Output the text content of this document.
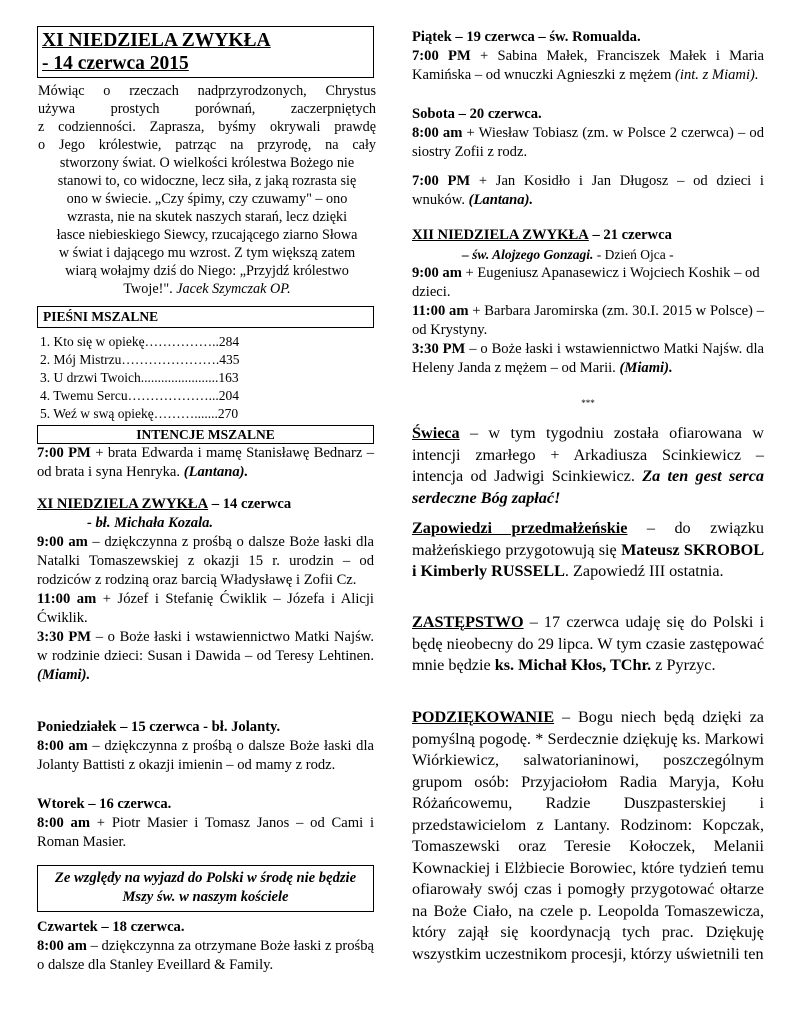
XI NIEDZIELA ZWYKŁA
- 14 czerwca 2015
Mówiąc o rzeczach nadprzyrodzonych, Chrystus
używa prostych porównań, zaczerpniętych
z codzienności. Zaprasza, byśmy okrywali prawdę
o Jego królestwie, patrząc na przyrodę, na cały
stworzony świat. O wielkości królestwa Bożego nie
stanowi to, co widoczne, lecz siła, z jaką rozrasta się
ono w świecie. „Czy śpimy, czy czuwamy" – ono
wzrasta, nie na skutek naszych starań, lecz dzięki
łasce niebieskiego Siewcy, rzucającego ziarno Słowa
w świat i dającego mu wzrost. Z tym większą zatem
wiarą wołajmy dziś do Niego: „Przyjdź królestwo
Twoje!". Jacek Szymczak OP.
PIEŚNI MSZALNE
1. Kto się w opiekę……………..284
2. Mój Mistrzu………………….435
3. U drzwi Twoich.......................163
4. Twemu Sercu………………...204
5. Weź w swą opiekę……….......270
INTENCJE MSZALNE
7:00 PM + brata Edwarda i mamę Stanisławę Bednarz – od brata i syna Henryka. (Lantana).
XI NIEDZIELA ZWYKŁA – 14 czerwca
- bł. Michała Kozala.
9:00 am – dziękczynna z prośbą o dalsze Boże łaski dla Natalki Tomaszewskiej z okazji 15 r. urodzin – od rodziców z rodziną oraz barcią Władysławę i Zofii Cz.
11:00 am + Józef i Stefanię Ćwiklik – Józefa i Alicji Ćwiklik.
3:30 PM – o Boże łaski i wstawiennictwo Matki Najśw. w rodzinie dzieci: Susan i Dawida – od Teresy Lehtinen. (Miami).
Poniedziałek – 15 czerwca - bł. Jolanty.
8:00 am – dziękczynna z prośbą o dalsze Boże łaski dla Jolanty Battisti z okazji imienin – od mamy z rodz.
Wtorek – 16 czerwca.
8:00 am + Piotr Masier i Tomasz Janos – od Cami i Roman Masier.
Ze względy na wyjazd do Polski w środę nie będzie Mszy św. w naszym kościele
Czwartek – 18 czerwca.
8:00 am – dziękczynna za otrzymane Boże łaski z prośbą o dalsze dla Stanley Eveillard & Family.
Piątek – 19 czerwca – św. Romualda.
7:00 PM + Sabina Małek, Franciszek Małek i Maria Kamińska – od wnuczki Agnieszki z mężem (int. z Miami).
Sobota – 20 czerwca.
8:00 am + Wiesław Tobiasz (zm. w Polsce 2 czerwca) – od siostry Zofii z rodz.
7:00 PM + Jan Kosidło i Jan Długosz – od dzieci i wnuków. (Lantana).
XII NIEDZIELA ZWYKŁA – 21 czerwca
– św. Alojzego Gonzagi. - Dzień Ojca -
9:00 am + Eugeniusz Apanasewicz i Wojciech Koshik – od dzieci.
11:00 am + Barbara Jaromirska (zm. 30.I. 2015 w Polsce) – od Krystyny.
3:30 PM – o Boże łaski i wstawiennictwo Matki Najśw. dla Heleny Janda z mężem – od Marii. (Miami).
***
Świeca – w tym tygodniu została ofiarowana w intencji zmarłego + Arkadiusza Scinkiewicz – intencja od Jadwigi Scinkiewicz. Za ten gest serca serdeczne Bóg zapłać!
Zapowiedzi przedmałżeńskie – do związku małżeńskiego przygotowują się Mateusz SKROBOL i Kimberly RUSSELL. Zapowiedź III ostatnia.
ZASTĘPSTWO – 17 czerwca udaję się do Polski i będę nieobecny do 29 lipca. W tym czasie zastępować mnie będzie ks. Michał Kłos, TChr. z Pyrzyc.
PODZIĘKOWANIE – Bogu niech będą dzięki za pomyślną pogodę. * Serdecznie dziękuję ks. Markowi Wiórkiewicz, salwatorianinowi, poszczególnym grupom osób: Przyjaciołom Radia Maryja, Kołu Różańcowemu, Radzie Duszpasterskiej i przedstawicielom z Lantany. Rodzinom: Kopczak, Tomaszewski oraz Teresie Kołoczek, Melanii Kownackiej i Elżbiecie Borowiec, które tydzień temu ofiarowały swój czas i pomogły przygotować ołtarze na Boże Ciało, na czele p. Leopolda Tomaszewicza, który zajął się koordynacją tych prac. Dziękuję wszystkim uczestnikom procesji, którzy uświetnili ten
